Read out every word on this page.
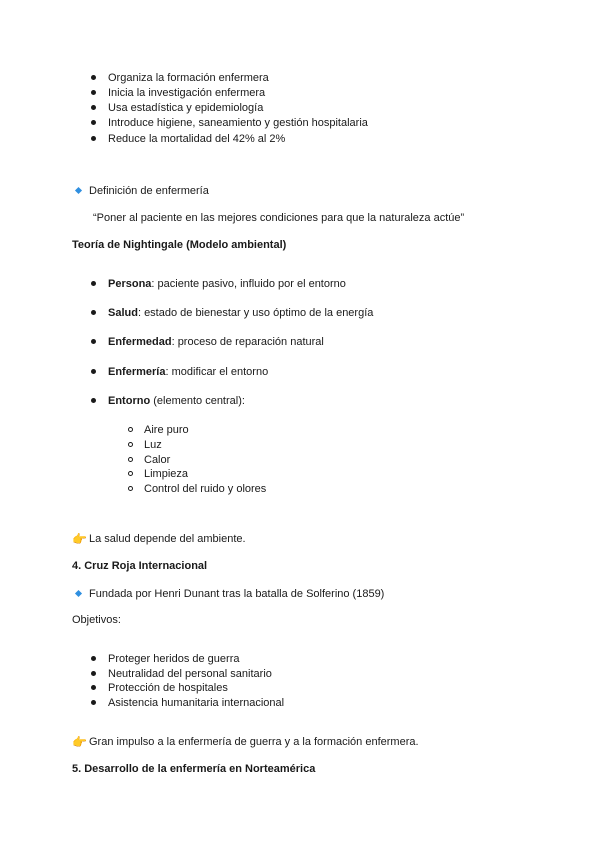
Organiza la formación enfermera
Inicia la investigación enfermera
Usa estadística y epidemiología
Introduce higiene, saneamiento y gestión hospitalaria
Reduce la mortalidad del 42% al 2%
Definición de enfermería
“Poner al paciente en las mejores condiciones para que la naturaleza actúe”
Teoría de Nightingale (Modelo ambiental)
Persona: paciente pasivo, influido por el entorno
Salud: estado de bienestar y uso óptimo de la energía
Enfermedad: proceso de reparación natural
Enfermería: modificar el entorno
Entorno (elemento central):
Aire puro
Luz
Calor
Limpieza
Control del ruido y olores
👉 La salud depende del ambiente.
4. Cruz Roja Internacional
Fundada por Henri Dunant tras la batalla de Solferino (1859)
Objetivos:
Proteger heridos de guerra
Neutralidad del personal sanitario
Protección de hospitales
Asistencia humanitaria internacional
👉 Gran impulso a la enfermería de guerra y a la formación enfermera.
5. Desarrollo de la enfermería en Norteamérica
